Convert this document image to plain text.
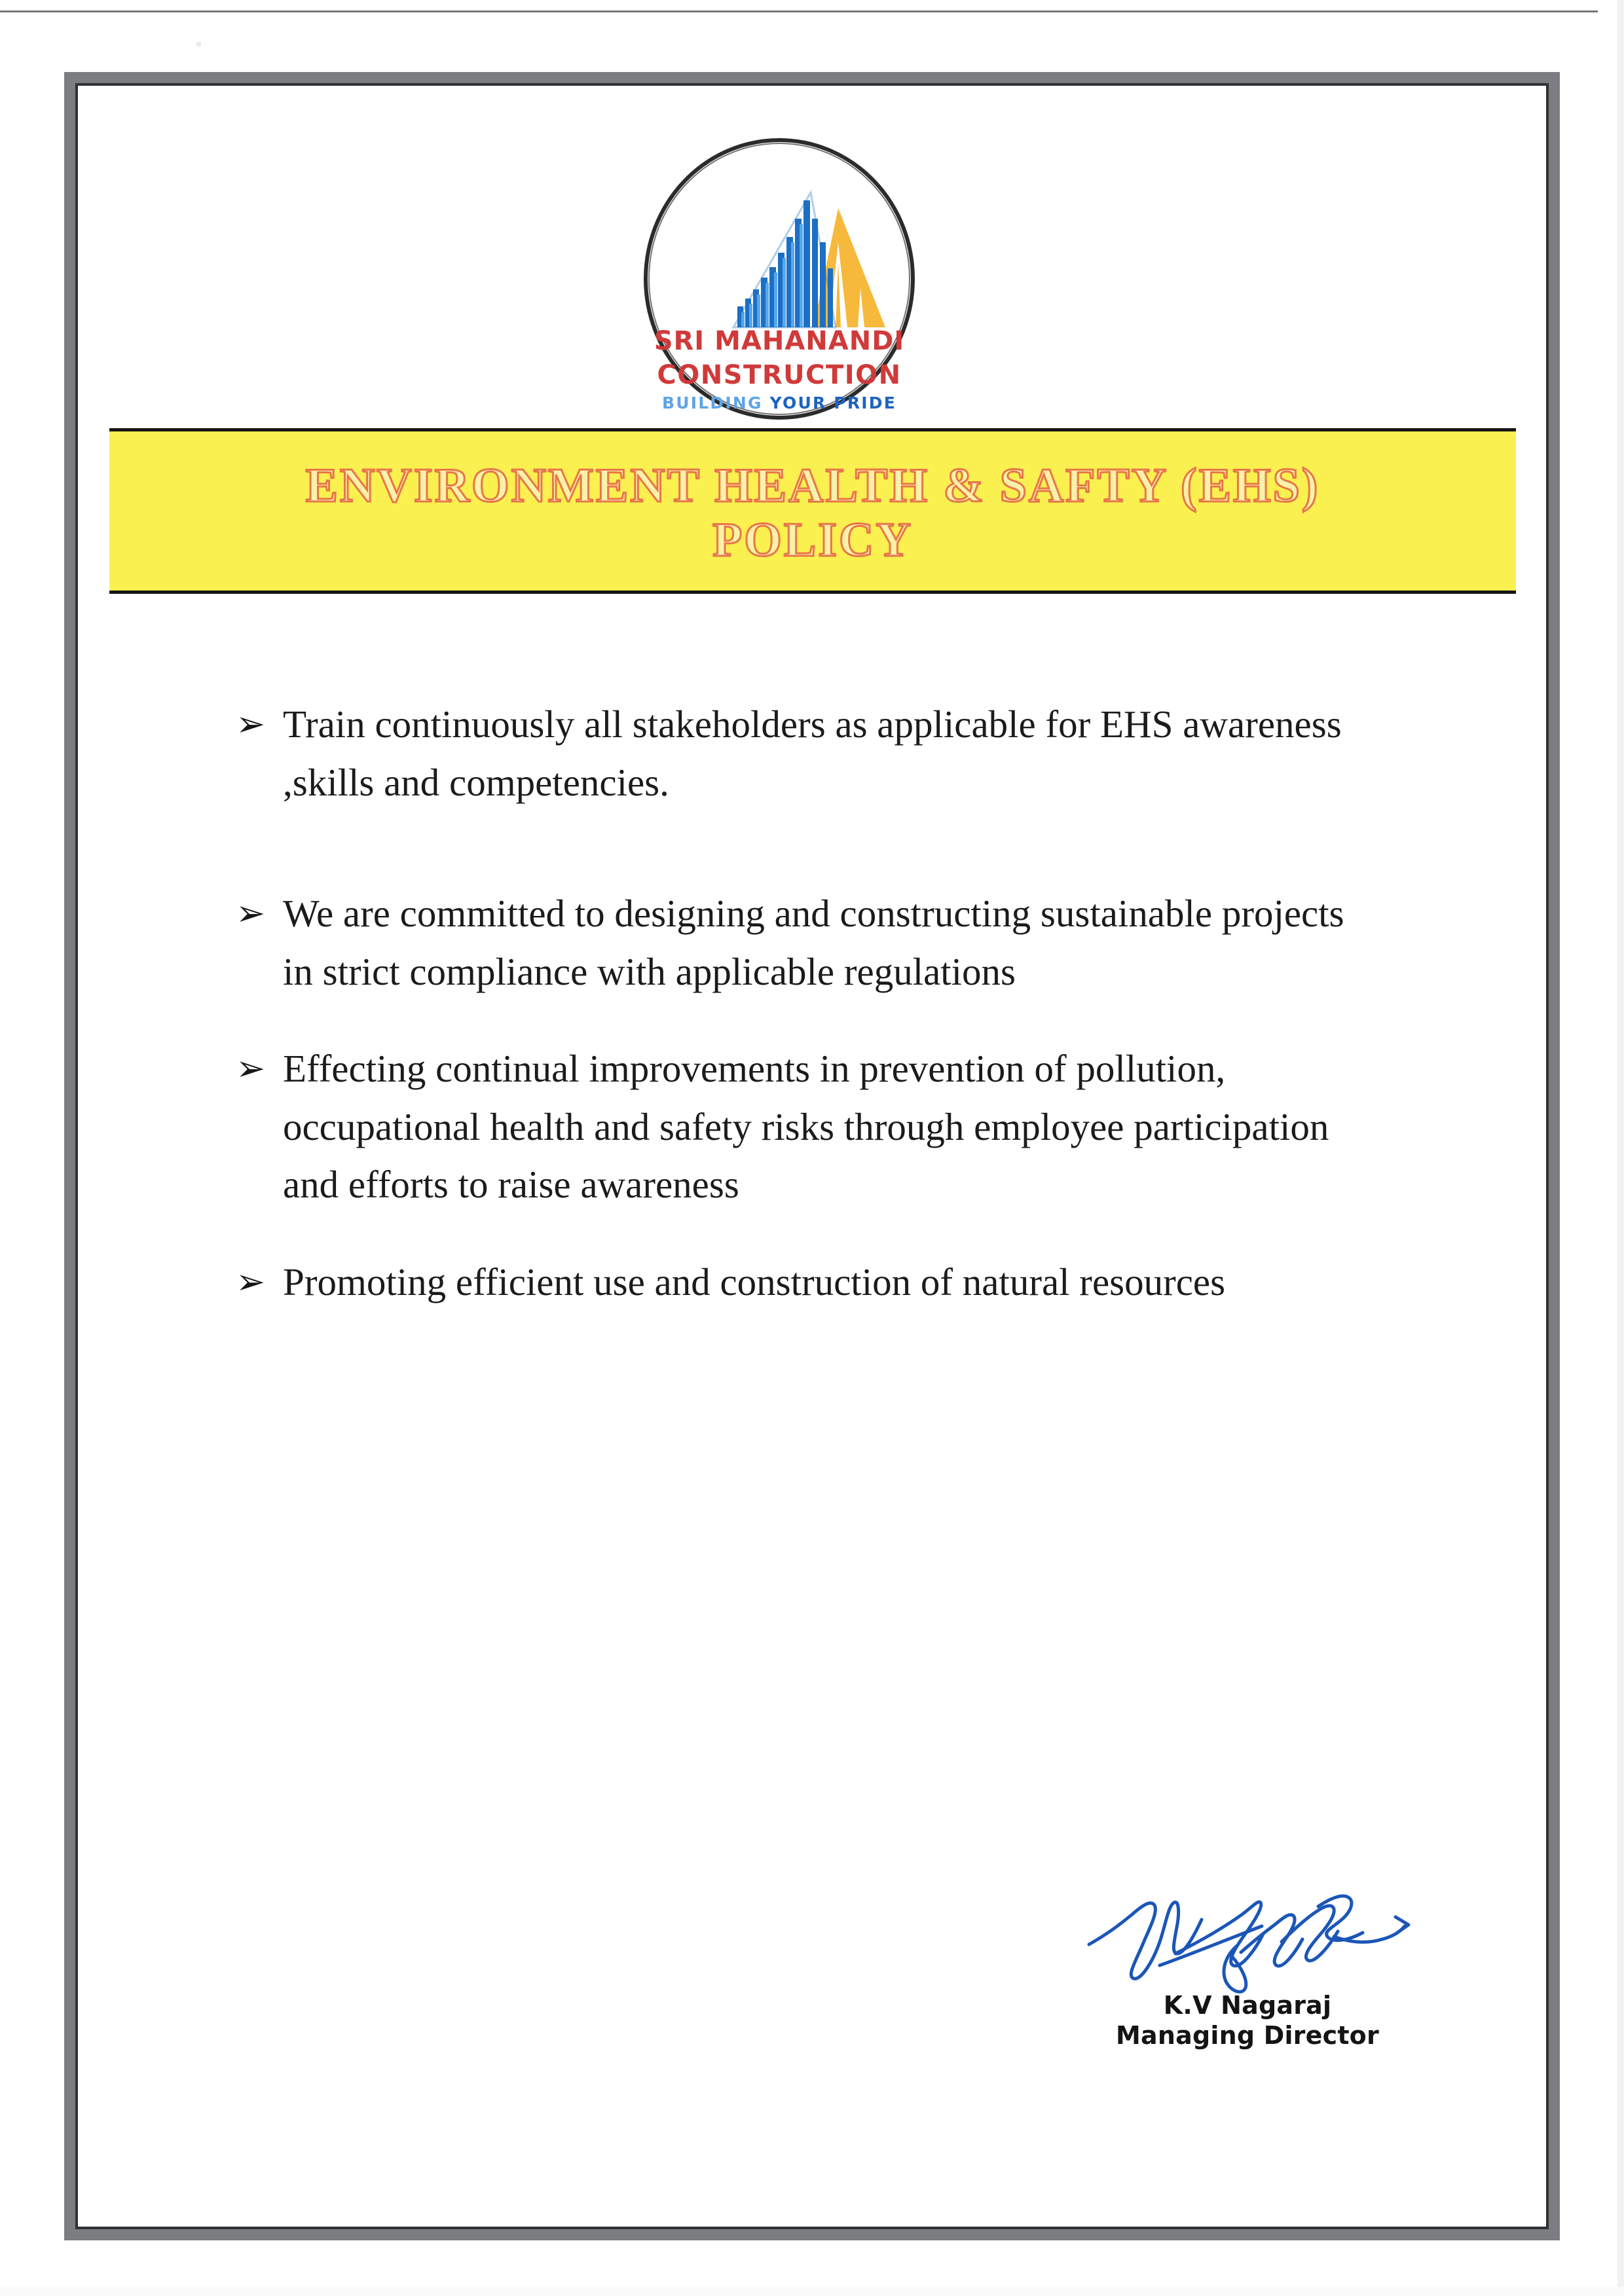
SRI MAHANANDI
CONSTRUCTION
BUILDING YOUR PRIDE
ENVIRONMENT HEALTH & SAFTY (EHS)
POLICY
➢ Train continuously all stakeholders as applicable for EHS awareness ,skills and competencies.
➢ We are committed to designing and constructing sustainable projects in strict compliance with applicable regulations
➢ Effecting continual improvements in prevention of pollution, occupational health and safety risks through employee participation and efforts to raise awareness
➢ Promoting efficient use and construction of natural resources
K.V Nagaraj
Managing Director
